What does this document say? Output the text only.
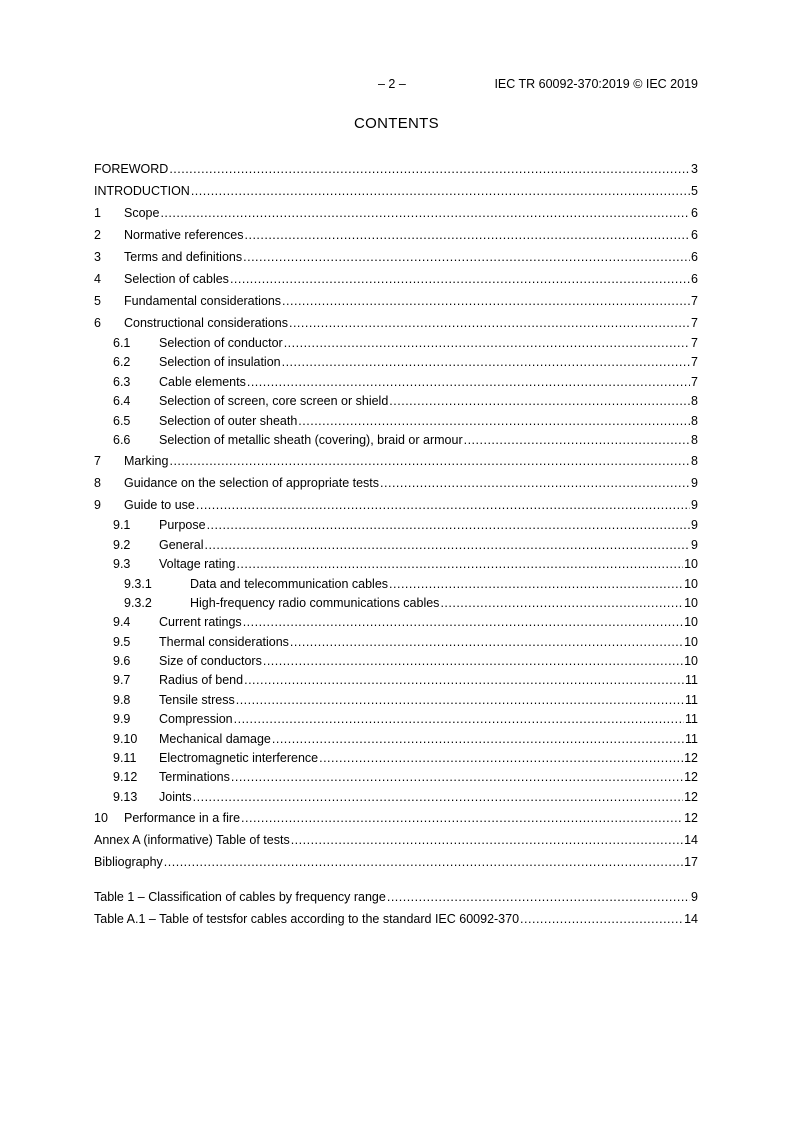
– 2 –	IEC TR 60092-370:2019 © IEC 2019
CONTENTS
FOREWORD .....	3
INTRODUCTION .....	5
1	Scope .....	6
2	Normative references .....	6
3	Terms and definitions .....	6
4	Selection of cables .....	6
5	Fundamental considerations .....	7
6	Constructional considerations .....	7
6.1	Selection of conductor .....	7
6.2	Selection of insulation .....	7
6.3	Cable elements .....	7
6.4	Selection of screen, core screen or shield .....	8
6.5	Selection of outer sheath .....	8
6.6	Selection of metallic sheath (covering), braid or armour .....	8
7	Marking .....	8
8	Guidance on the selection of appropriate tests .....	9
9	Guide to use .....	9
9.1	Purpose .....	9
9.2	General .....	9
9.3	Voltage rating .....	10
9.3.1	Data and telecommunication cables .....	10
9.3.2	High-frequency radio communications cables .....	10
9.4	Current ratings .....	10
9.5	Thermal considerations .....	10
9.6	Size of conductors .....	10
9.7	Radius of bend .....	11
9.8	Tensile stress .....	11
9.9	Compression .....	11
9.10	Mechanical damage .....	11
9.11	Electromagnetic interference .....	12
9.12	Terminations .....	12
9.13	Joints .....	12
10	Performance in a fire .....	12
Annex A (informative) Table of tests .....	14
Bibliography .....	17
Table 1 – Classification of cables by frequency range .....	9
Table A.1 – Table of testsfor cables according to the standard IEC 60092-370 .....	14
